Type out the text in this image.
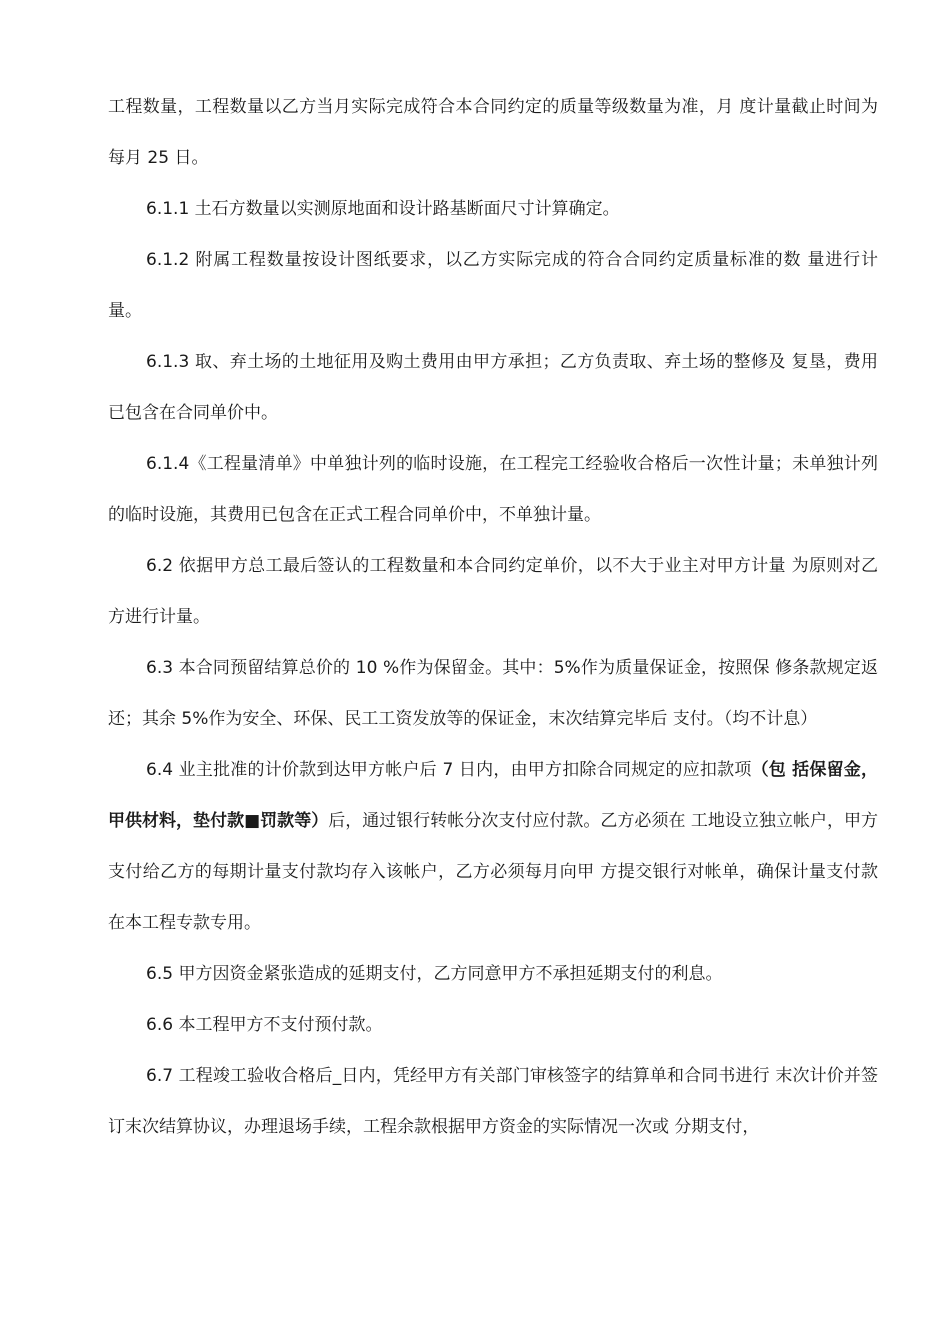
工程数量，工程数量以乙方当月实际完成符合本合同约定的质量等级数量为准，月 度计量截止时间为每月 25 日。

6.1.1 土石方数量以实测原地面和设计路基断面尺寸计算确定。

6.1.2 附属工程数量按设计图纸要求，以乙方实际完成的符合合同约定质量标准的数 量进行计量。

6.1.3 取、弃土场的土地征用及购土费用由甲方承担；乙方负责取、弃土场的整修及 复垦，费用已包含在合同单价中。

6.1.4《工程量清单》中单独计列的临时设施，在工程完工经验收合格后一次性计量；未单独计列的临时设施，其费用已包含在正式工程合同单价中，不单独计量。

6.2 依据甲方总工最后签认的工程数量和本合同约定单价，以不大于业主对甲方计量 为原则对乙方进行计量。

6.3 本合同预留结算总价的 10 %作为保留金。其中：5%作为质量保证金，按照保 修条款规定返还；其余 5%作为安全、环保、民工工资发放等的保证金，末次结算完毕后 支付。（均不计息）

6.4 业主批准的计价款到达甲方帐户后 7 日内，由甲方扣除合同规定的应扣款项（包 括保留金，甲供材料，垫付款■罚款等）后，通过银行转帐分次支付应付款。乙方必须在 工地设立独立帐户，甲方支付给乙方的每期计量支付款均存入该帐户，乙方必须每月向甲 方提交银行对帐单，确保计量支付款在本工程专款专用。

6.5 甲方因资金紧张造成的延期支付，乙方同意甲方不承担延期支付的利息。

6.6 本工程甲方不支付预付款。

6.7 工程竣工验收合格后_日内，凭经甲方有关部门审核签字的结算单和合同书进行 末次计价并签订末次结算协议，办理退场手续，工程余款根据甲方资金的实际情况一次或 分期支付，
